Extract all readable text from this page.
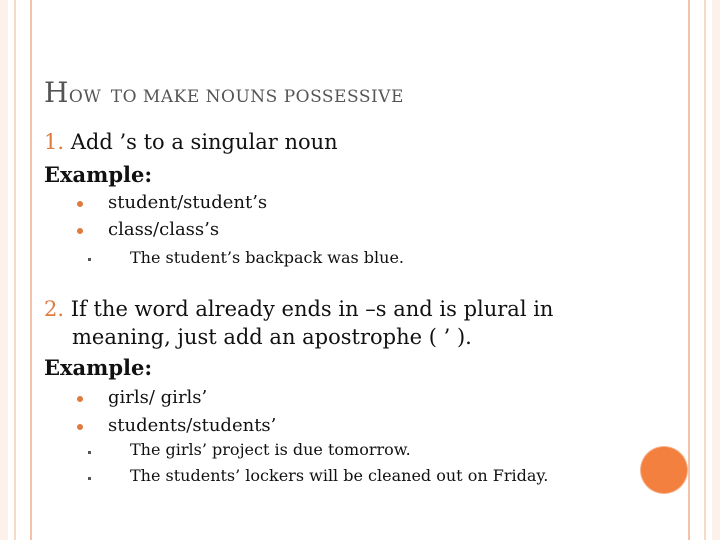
HOW TO MAKE NOUNS POSSESSIVE
1. Add ’s to a singular noun
Example:
student/student’s
class/class’s
The student’s backpack was blue.
2. If the word already ends in –s and is plural in
meaning, just add an apostrophe ( ’ ).
Example:
girls/ girls’
students/students’
The girls’ project is due tomorrow.
The students’ lockers will be cleaned out on Friday.
